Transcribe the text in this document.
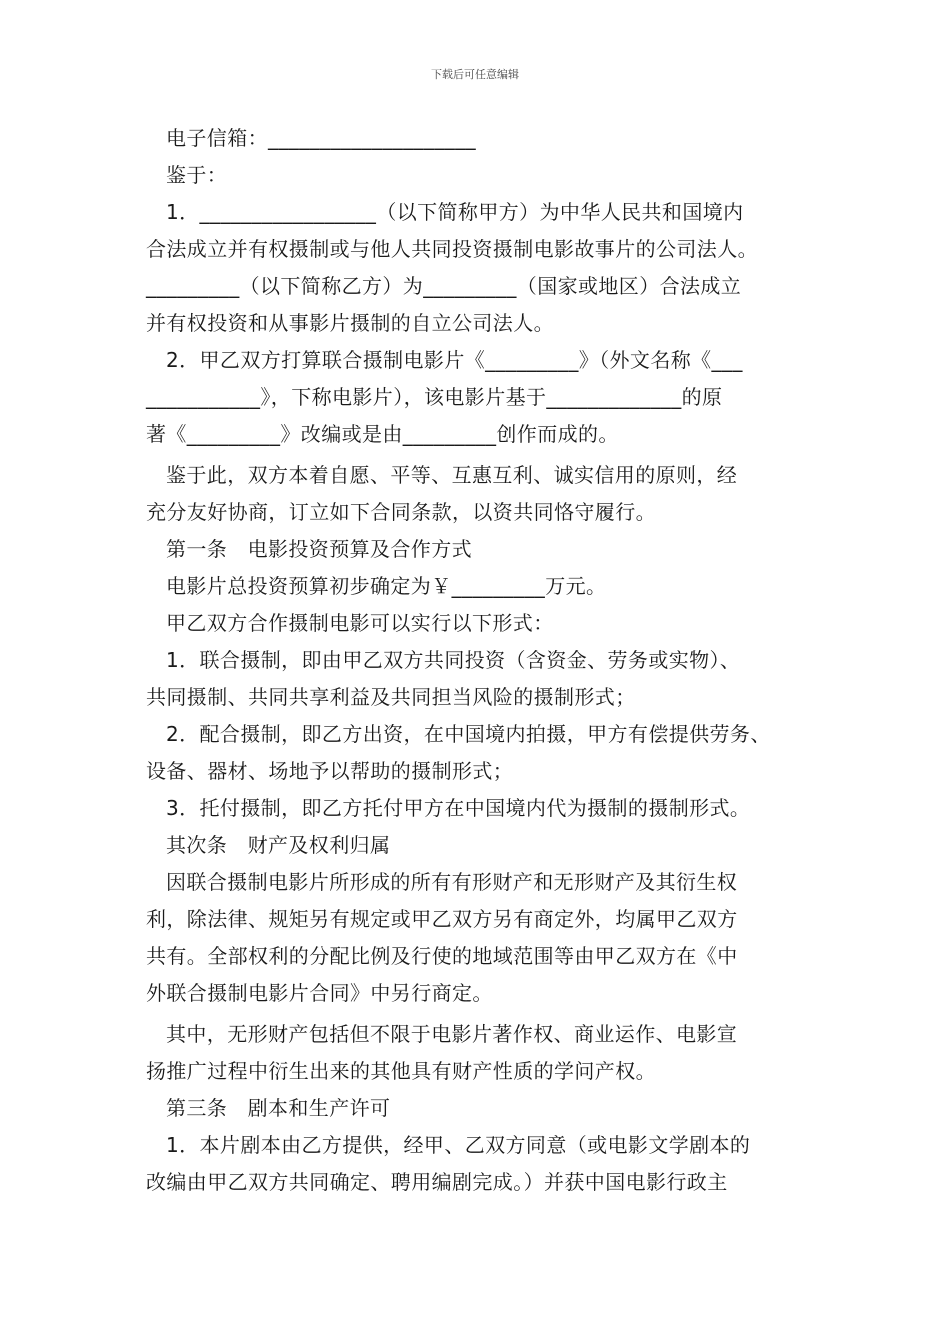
下载后可任意编辑
电子信箱：____________________
鉴于：
1．_________________（以下简称甲方）为中华人民共和国境内
合法成立并有权摄制或与他人共同投资摄制电影故事片的公司法人。
_________（以下简称乙方）为_________（国家或地区）合法成立
并有权投资和从事影片摄制的自立公司法人。
2．甲乙双方打算联合摄制电影片《_________》（外文名称《___
___________》，下称电影片），该电影片基于_____________的原
著《_________》改编或是由_________创作而成的。
鉴于此，双方本着自愿、平等、互惠互利、诚实信用的原则，经
充分友好协商，订立如下合同条款，以资共同恪守履行。
第一条　电影投资预算及合作方式
电影片总投资预算初步确定为￥_________万元。
甲乙双方合作摄制电影可以实行以下形式：
1．联合摄制，即由甲乙双方共同投资（含资金、劳务或实物）、
共同摄制、共同共享利益及共同担当风险的摄制形式；
2．配合摄制，即乙方出资，在中国境内拍摄，甲方有偿提供劳务、
设备、器材、场地予以帮助的摄制形式；
3．托付摄制，即乙方托付甲方在中国境内代为摄制的摄制形式。
其次条　财产及权利归属
因联合摄制电影片所形成的所有有形财产和无形财产及其衍生权
利，除法律、规矩另有规定或甲乙双方另有商定外，均属甲乙双方
共有。全部权利的分配比例及行使的地域范围等由甲乙双方在《中
外联合摄制电影片合同》中另行商定。
其中，无形财产包括但不限于电影片著作权、商业运作、电影宣
扬推广过程中衍生出来的其他具有财产性质的学问产权。
第三条　剧本和生产许可
1．本片剧本由乙方提供，经甲、乙双方同意（或电影文学剧本的
改编由甲乙双方共同确定、聘用编剧完成。）并获中国电影行政主
